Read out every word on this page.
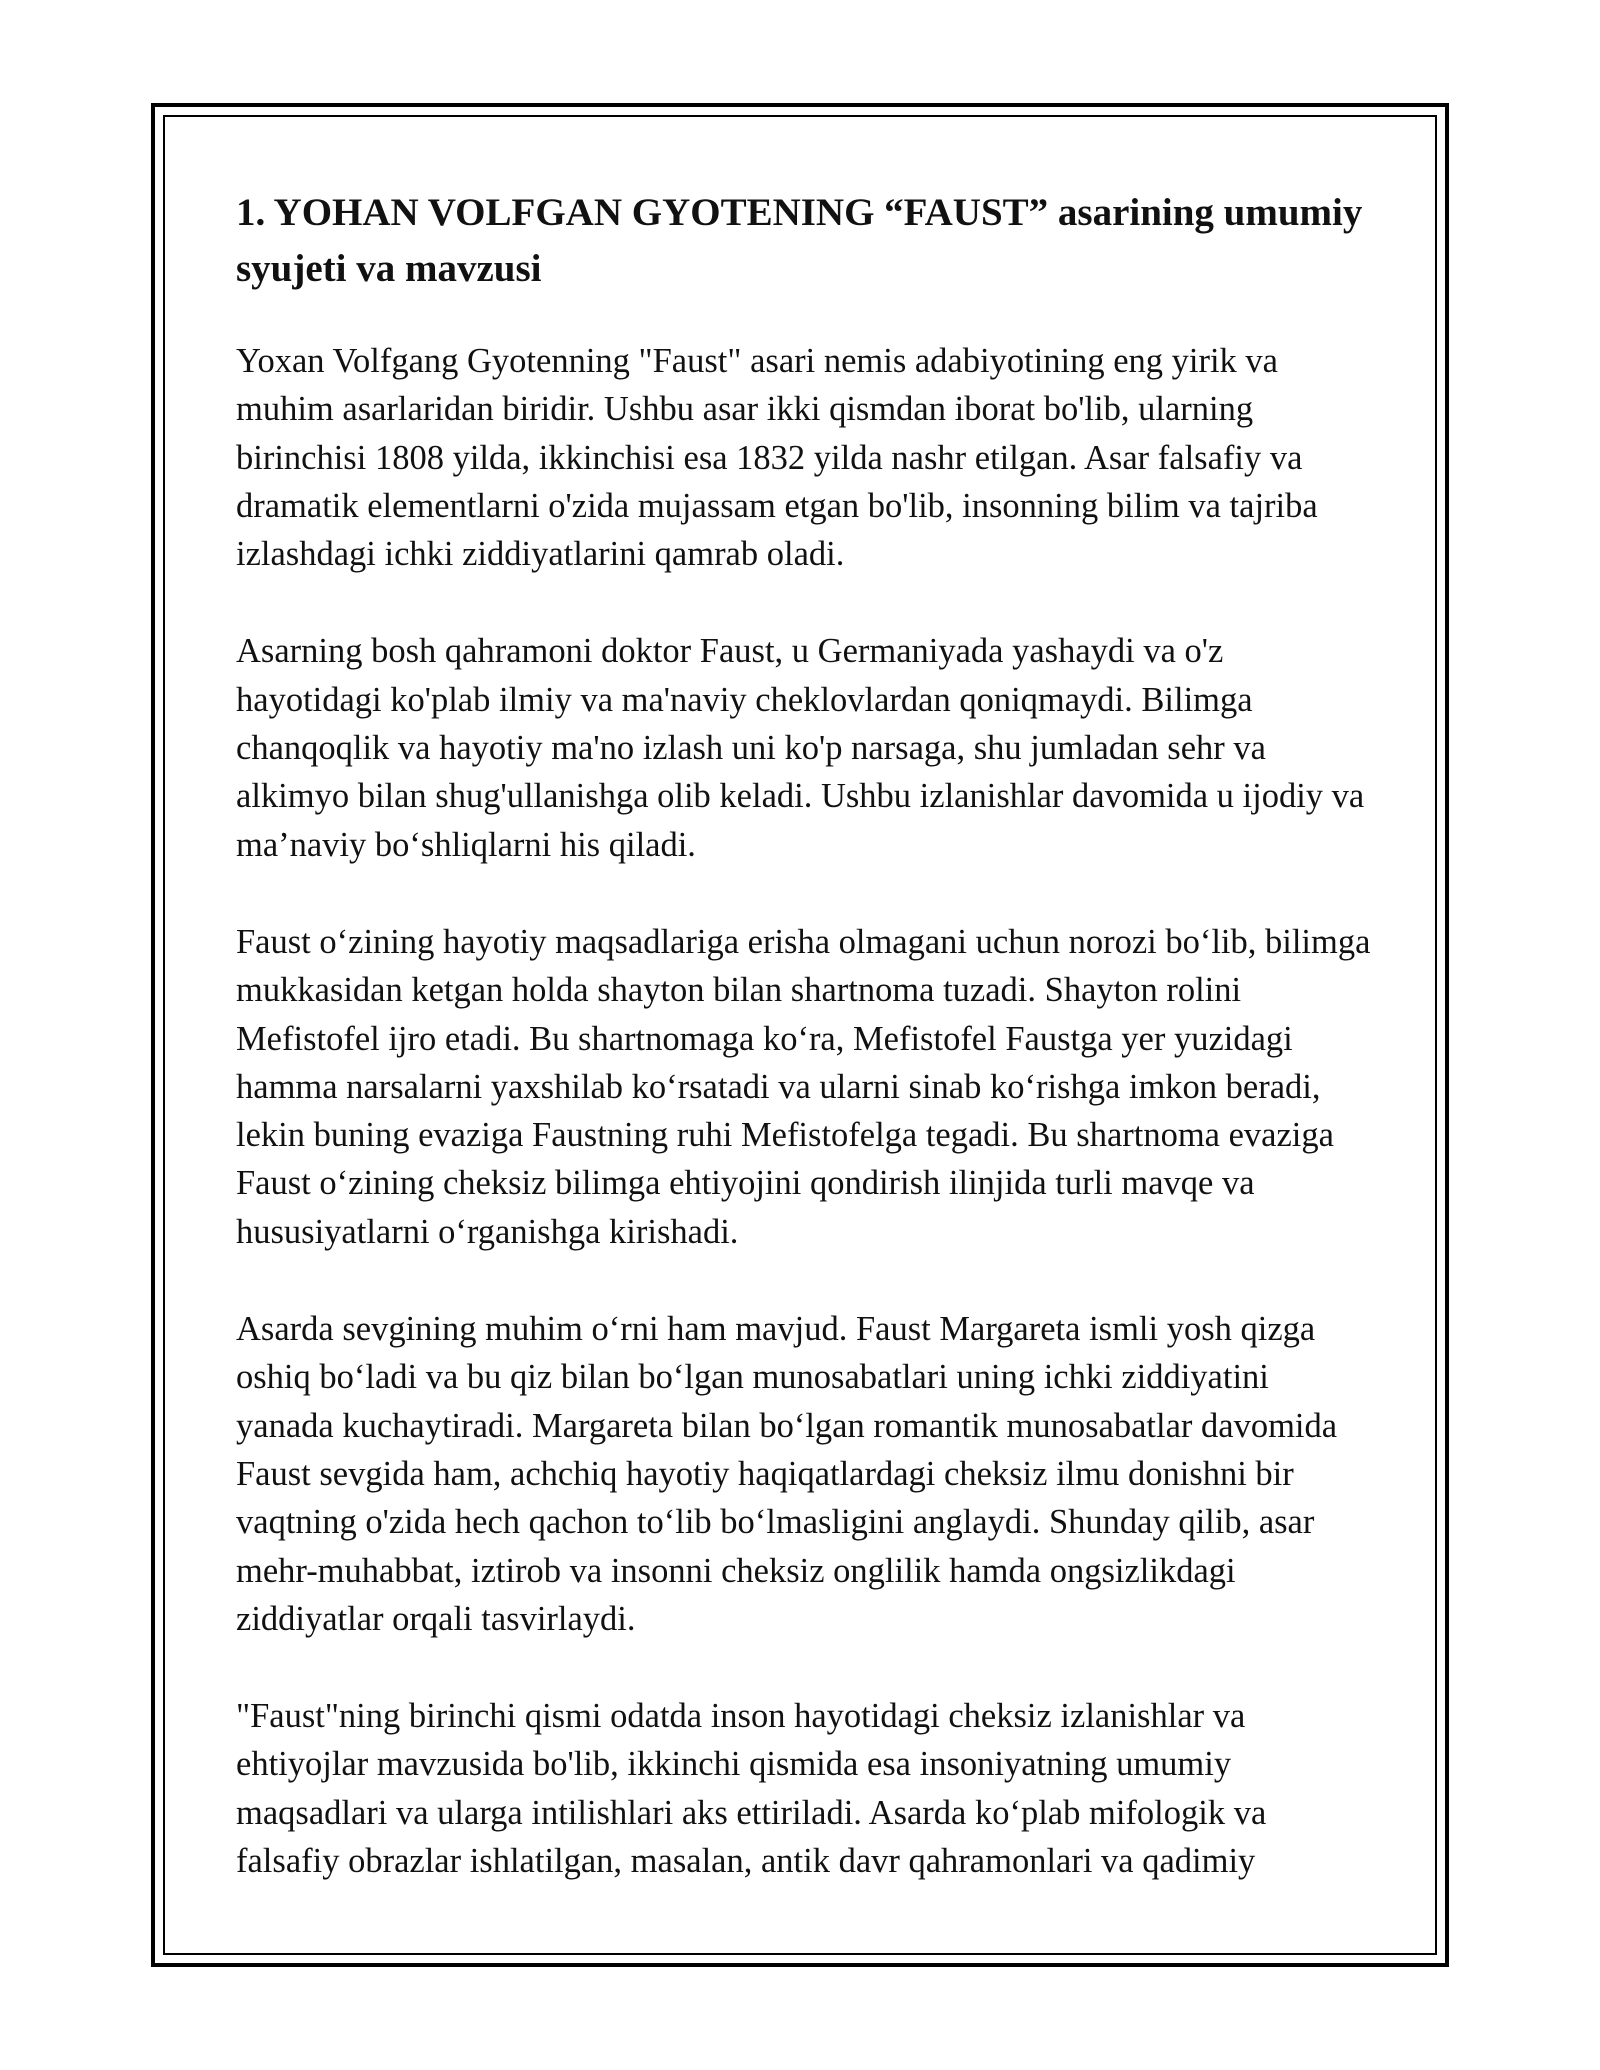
1. YOHAN VOLFGAN GYOTENING “FAUST” asarining umumiy syujeti va mavzusi

Yoxan Volfgang Gyotenning "Faust" asari nemis adabiyotining eng yirik va muhim asarlaridan biridir. Ushbu asar ikki qismdan iborat bo'lib, ularning birinchisi 1808 yilda, ikkinchisi esa 1832 yilda nashr etilgan. Asar falsafiy va dramatik elementlarni o'zida mujassam etgan bo'lib, insonning bilim va tajriba izlashdagi ichki ziddiyatlarini qamrab oladi.

Asarning bosh qahramoni doktor Faust, u Germaniyada yashaydi va o'z hayotidagi ko'plab ilmiy va ma'naviy cheklovlardan qoniqmaydi. Bilimga chanqoqlik va hayotiy ma'no izlash uni ko'p narsaga, shu jumladan sehr va alkimyo bilan shug'ullanishga olib keladi. Ushbu izlanishlar davomida u ijodiy va ma’naviy bo‘shliqlarni his qiladi.

Faust o‘zining hayotiy maqsadlariga erisha olmagani uchun norozi bo‘lib, bilimga mukkasidan ketgan holda shayton bilan shartnoma tuzadi. Shayton rolini Mefistofel ijro etadi. Bu shartnomaga ko‘ra, Mefistofel Faustga yer yuzidagi hamma narsalarni yaxshilab ko‘rsatadi va ularni sinab ko‘rishga imkon beradi, lekin buning evaziga Faustning ruhi Mefistofelga tegadi. Bu shartnoma evaziga Faust o‘zining cheksiz bilimga ehtiyojini qondirish ilinjida turli mavqe va hususiyatlarni o‘rganishga kirishadi.

Asarda sevgining muhim o‘rni ham mavjud. Faust Margareta ismli yosh qizga oshiq bo‘ladi va bu qiz bilan bo‘lgan munosabatlari uning ichki ziddiyatini yanada kuchaytiradi. Margareta bilan bo‘lgan romantik munosabatlar davomida Faust sevgida ham, achchiq hayotiy haqiqatlardagi cheksiz ilmu donishni bir vaqtning o'zida hech qachon to‘lib bo‘lmasligini anglaydi. Shunday qilib, asar mehr-muhabbat, iztirob va insonni cheksiz onglilik hamda ongsizlikdagi ziddiyatlar orqali tasvirlaydi.

"Faust"ning birinchi qismi odatda inson hayotidagi cheksiz izlanishlar va ehtiyojlar mavzusida bo'lib, ikkinchi qismida esa insoniyatning umumiy maqsadlari va ularga intilishlari aks ettiriladi. Asarda ko‘plab mifologik va falsafiy obrazlar ishlatilgan, masalan, antik davr qahramonlari va qadimiy
